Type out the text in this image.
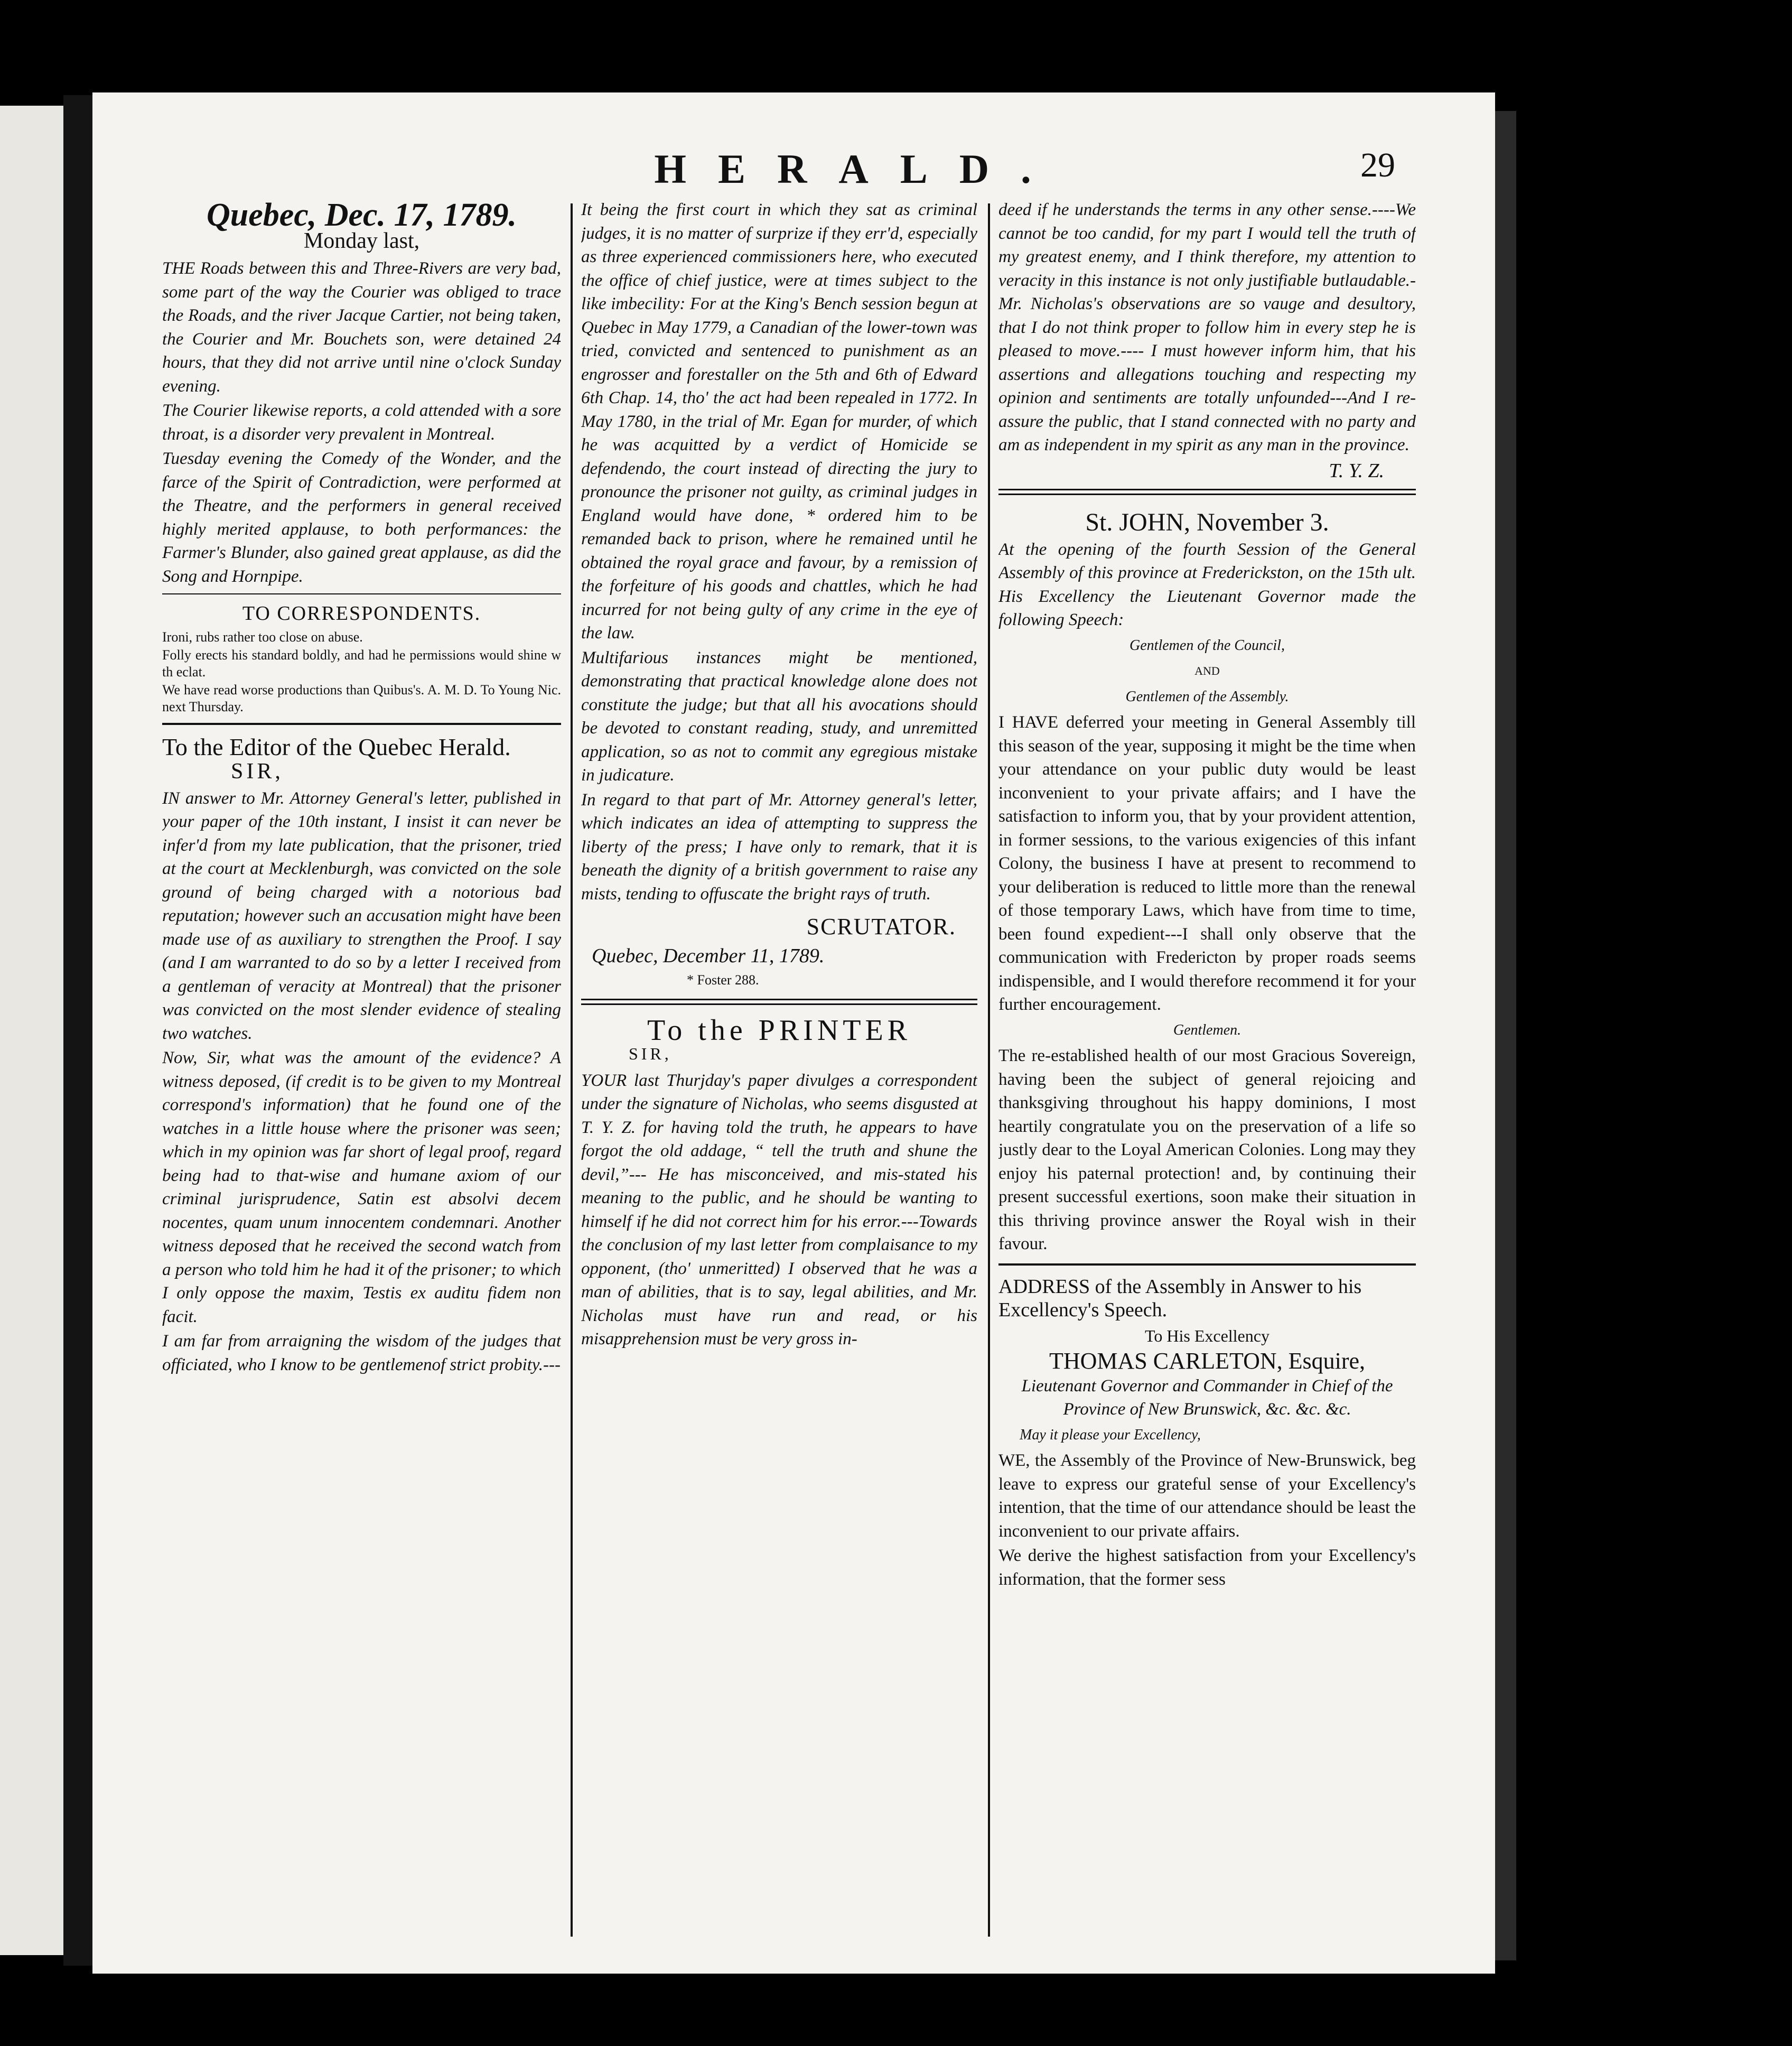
HERALD.	29
Quebec, Dec. 17, 1789.
Monday last,

THE Roads between this and Three-Rivers are very bad, some part of the way the Courier was obliged to trace the Roads, and the river Jacque Cartier, not being taken, the Courier and Mr. Bouchets son, were detained 24 hours, that they did not arrive until nine o'clock Sunday evening.

The Courier likewise reports, a cold attended with a sore throat, is a disorder very prevalent in Montreal.

Tuesday evening the Comedy of the Wonder, and the farce of the Spirit of Contradiction, were performed at the Theatre, and the performers in general received highly merited applause, to both performances: the Farmer's Blunder, also gained great applause, as did the Song and Hornpipe.

TO CORRESPONDENTS.

Ironi, rubs rather too close on abuse.

Folly erects his standard boldly, and had he permissions would shine w th eclat.

We have read worse productions than Quibus's. A. M. D. To Young Nic. next Thursday.

To the Editor of the Quebec Herald.
SIR,

IN answer to Mr. Attorney General's letter, published in your paper of the 10th instant, I insist it can never be infer'd from my late publication, that the prisoner, tried at the court at Mecklenburgh, was convicted on the sole ground of being charged with a notorious bad reputation; however such an accusation might have been made use of as auxiliary to strengthen the Proof. I say (and I am warranted to do so by a letter I received from a gentleman of veracity at Montreal) that the prisoner was convicted on the most slender evidence of stealing two watches.

Now, Sir, what was the amount of the evidence? A witness deposed, (if credit is to be given to my Montreal correspond's information) that he found one of the watches in a little house where the prisoner was seen; which in my opinion was far short of legal proof, regard being had to that-wise and humane axiom of our criminal jurisprudence, Satin est absolvi decem nocentes, quam unum innocentem condemnari. Another witness deposed that he received the second watch from a person who told him he had it of the prisoner; to which I only oppose the maxim, Testis ex auditu fidem non facit.

I am far from arraigning the wisdom of the judges that officiated, who I know to be gentlemenof strict probity.---

It being the first court in which they sat as criminal judges, it is no matter of surprize if they err'd, especially as three experienced commissioners here, who executed the office of chief justice, were at times subject to the like imbecility: For at the King's Bench session begun at Quebec in May 1779, a Canadian of the lower-town was tried, convicted and sentenced to punishment as an engrosser and forestaller on the 5th and 6th of Edward 6th Chap. 14, tho' the act had been repealed in 1772. In May 1780, in the trial of Mr. Egan for murder, of which he was acquitted by a verdict of Homicide se defendendo, the court instead of directing the jury to pronounce the prisoner not guilty, as criminal judges in England would have done, * ordered him to be remanded back to prison, where he remained until he obtained the royal grace and favour, by a remission of the forfeiture of his goods and chattles, which he had incurred for not being gulty of any crime in the eye of the law.

Multifarious instances might be mentioned, demonstrating that practical knowledge alone does not constitute the judge; but that all his avocations should be devoted to constant reading, study, and unremitted application, so as not to commit any egregious mistake in judicature.

In regard to that part of Mr. Attorney general's letter, which indicates an idea of attempting to suppress the liberty of the press; I have only to remark, that it is beneath the dignity of a british government to raise any mists, tending to offuscate the bright rays of truth.

SCRUTATOR.
Quebec, December 11, 1789.
* Foster 288.
To the PRINTER
SIR,

YOUR last Thurjday's paper divulges a correspondent under the signature of Nicholas, who seems disgusted at T. Y. Z. for having told the truth, he appears to have forgot the old addage, “ tell the truth and shune the devil,”--- He has misconceived, and mis-stated his meaning to the public, and he should be wanting to himself if he did not correct him for his error.---Towards the conclusion of my last letter from complaisance to my opponent, (tho' unmeritted) I observed that he was a man of abilities, that is to say, legal abilities, and Mr. Nicholas must have run and read, or his misapprehension must be very gross in-

deed if he understands the terms in any other sense.----We cannot be too candid, for my part I would tell the truth of my greatest enemy, and I think therefore, my attention to veracity in this instance is not only justifiable butlaudable.-Mr. Nicholas's observations are so vauge and desultory, that I do not think proper to follow him in every step he is pleased to move.---- I must however inform him, that his assertions and allegations touching and respecting my opinion and sentiments are totally unfounded---And I re-assure the public, that I stand connected with no party and am as independent in my spirit as any man in the province.

T. Y. Z.
St. JOHN, November 3.

At the opening of the fourth Session of the General Assembly of this province at Frederickston, on the 15th ult. His Excellency the Lieutenant Governor made the following Speech:

Gentlemen of the Council,
AND
Gentlemen of the Assembly.

I HAVE deferred your meeting in General Assembly till this season of the year, supposing it might be the time when your attendance on your public duty would be least inconvenient to your private affairs; and I have the satisfaction to inform you, that by your provident attention, in former sessions, to the various exigencies of this infant Colony, the business I have at present to recommend to your deliberation is reduced to little more than the renewal of those temporary Laws, which have from time to time, been found expedient---I shall only observe that the communication with Fredericton by proper roads seems indispensible, and I would therefore recommend it for your further encouragement.

Gentlemen.

The re-established health of our most Gracious Sovereign, having been the subject of general rejoicing and thanksgiving throughout his happy dominions, I most heartily congratulate you on the preservation of a life so justly dear to the Loyal American Colonies. Long may they enjoy his paternal protection! and, by continuing their present successful exertions, soon make their situation in this thriving province answer the Royal wish in their favour.

ADDRESS of the Assembly in Answer to his Excellency's Speech.
To His Excellency
THOMAS CARLETON, Esquire,

Lieutenant Governor and Commander in Chief of the Province of New Brunswick, &c. &c. &c.

May it please your Excellency,

WE, the Assembly of the Province of New-Brunswick, beg leave to express our grateful sense of your Excellency's intention, that the time of our attendance should be least the inconvenient to our private affairs.

We derive the highest satisfaction from your Excellency's information, that the former sess
